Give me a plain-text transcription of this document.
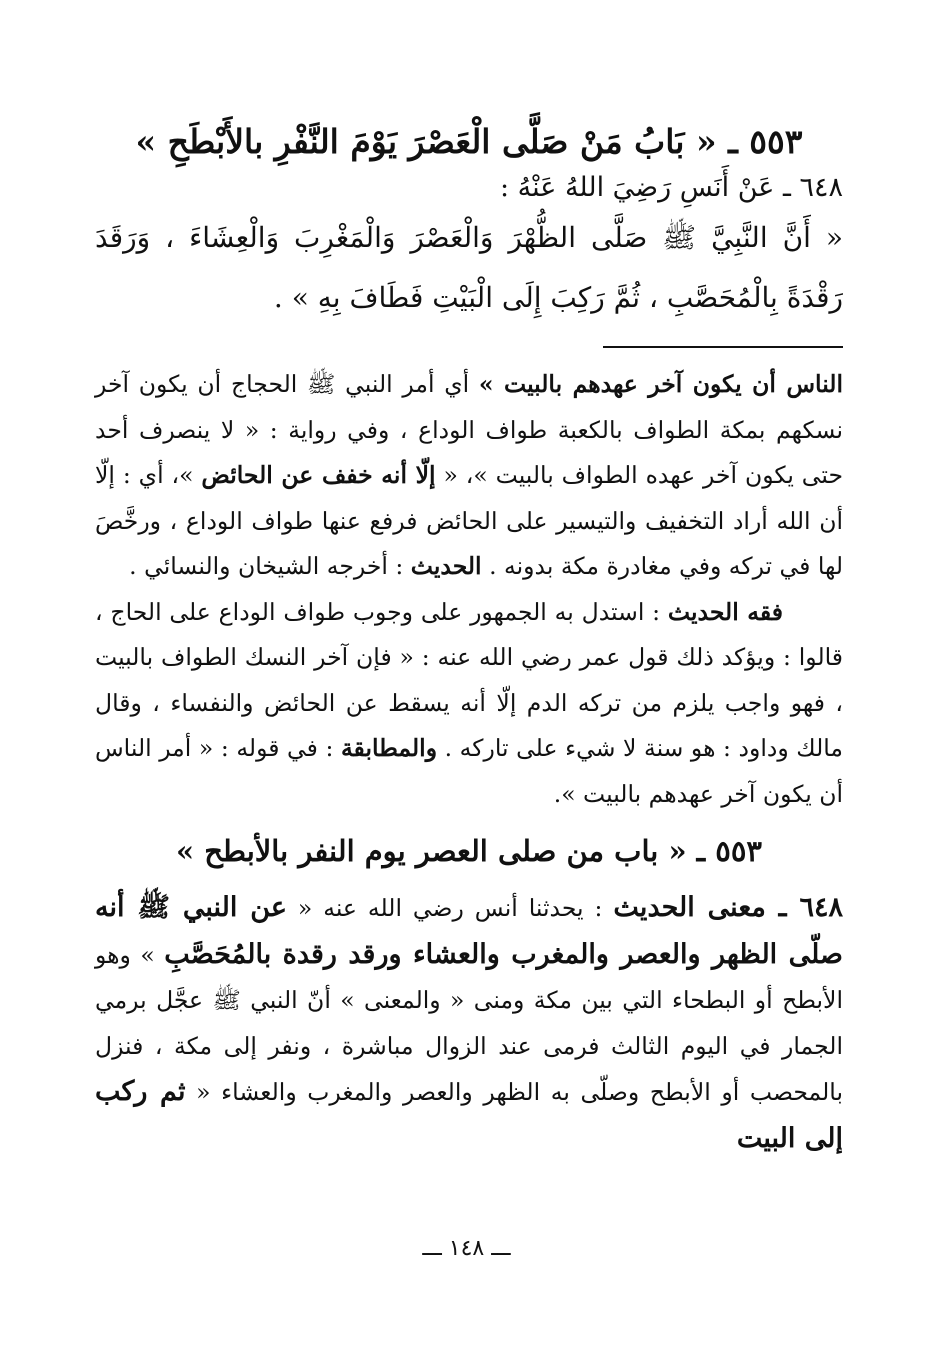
٥٥٣ ـ « بَابُ مَنْ صَلَّى الْعَصْرَ يَوْمَ النَّفْرِ بالأَبْطَحِ »

٦٤٨ ـ عَنْ أَنَسِ رَضِيَ اللهُ عَنْهُ :

« أَنَّ النَّبِيَّ ﷺ صَلَّى الظُّهْرَ وَالْعَصْرَ وَالْمَغْرِبَ وَالْعِشَاءَ ، وَرَقَدَ رَقْدَةً بِالْمُحَصَّبِ ، ثُمَّ رَكِبَ إِلَى الْبَيْتِ فَطَافَ بِهِ » .

الناس أن يكون آخر عهدهم بالبيت » أي أمر النبي ﷺ الحجاج أن يكون آخر نسكهم بمكة الطواف بالكعبة طواف الوداع ، وفي رواية : « لا ينصرف أحد حتى يكون آخر عهده الطواف بالبيت »، « إلّا أنه خفف عن الحائض »، أي : إلّا أن الله أراد التخفيف والتيسير على الحائض فرفع عنها طواف الوداع ، ورخَّصَ لها في تركه وفي مغادرة مكة بدونه . الحديث : أخرجه الشيخان والنسائي .

فقه الحديث : استدل به الجمهور على وجوب طواف الوداع على الحاج ، قالوا : ويؤكد ذلك قول عمر رضي الله عنه : « فإن آخر النسك الطواف بالبيت ، فهو واجب يلزم من تركه الدم إلّا أنه يسقط عن الحائض والنفساء ، وقال مالك وداود : هو سنة لا شيء على تاركه . والمطابقة : في قوله : « أمر الناس أن يكون آخر عهدهم بالبيت ».

٥٥٣ ـ « باب من صلى العصر يوم النفر بالأبطح »

٦٤٨ ـ معنى الحديث : يحدثنا أنس رضي الله عنه « عن النبي ﷺ أنه صلّى الظهر والعصر والمغرب والعشاء ورقد رقدة بالمُحَصَّبِ » وهو الأبطح أو البطحاء التي بين مكة ومنى « والمعنى » أنّ النبي ﷺ عجَّل برمي الجمار في اليوم الثالث فرمى عند الزوال مباشرة ، ونفر إلى مكة ، فنزل بالمحصب أو الأبطح وصلّى به الظهر والعصر والمغرب والعشاء « ثم ركب إلى البيت

ـــ ١٤٨ ـــ
